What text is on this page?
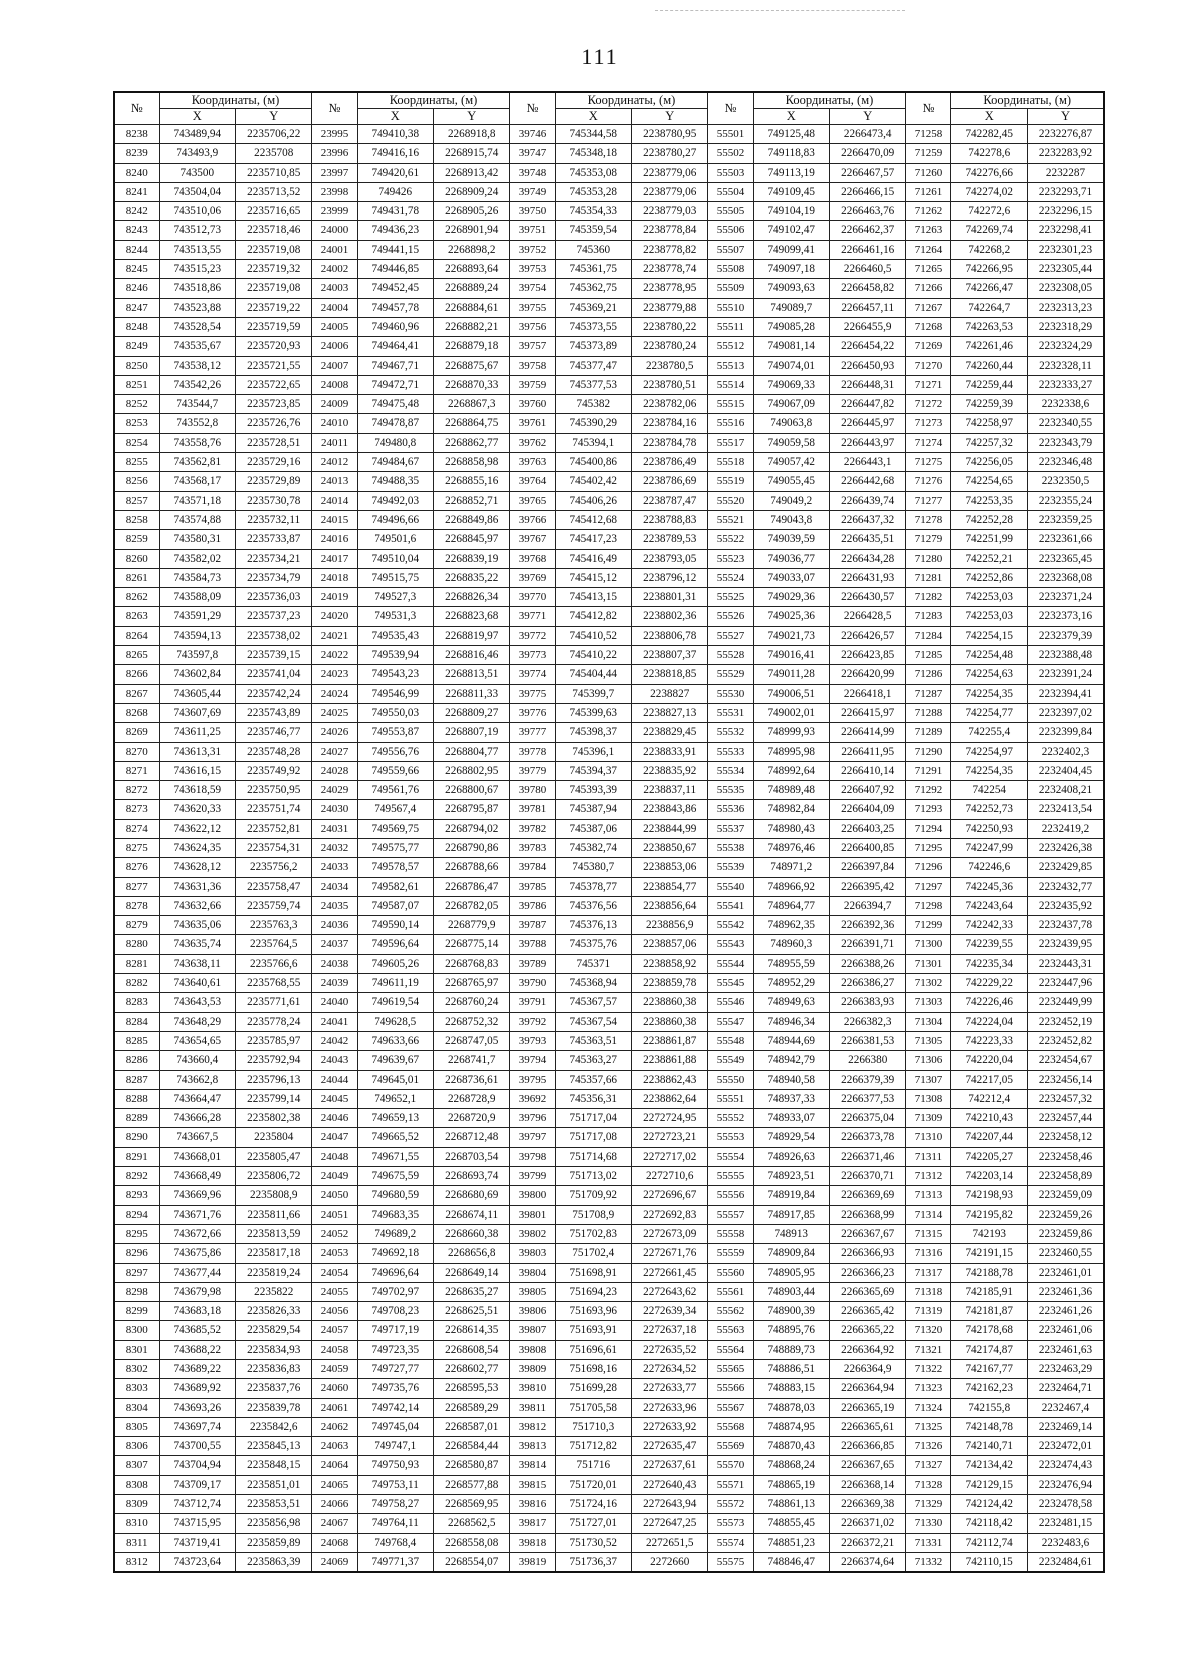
111
№	Координаты, (м)		№	Координаты, (м)		№	Координаты, (м)		№	Координаты, (м)		№	Координаты, (м)	
	X	Y		X	Y		X	Y		X	Y		X	Y
8238	743489,94	2235706,22	23995	749410,38	2268918,8	39746	745344,58	2238780,95	55501	749125,48	2266473,4	71258	742282,45	2232276,87
8239	743493,9	2235708	23996	749416,16	2268915,74	39747	745348,18	2238780,27	55502	749118,83	2266470,09	71259	742278,6	2232283,92
8240	743500	2235710,85	23997	749420,61	2268913,42	39748	745353,08	2238779,06	55503	749113,19	2266467,57	71260	742276,66	2232287
8241	743504,04	2235713,52	23998	749426	2268909,24	39749	745353,28	2238779,06	55504	749109,45	2266466,15	71261	742274,02	2232293,71
8242	743510,06	2235716,65	23999	749431,78	2268905,26	39750	745354,33	2238779,03	55505	749104,19	2266463,76	71262	742272,6	2232296,15
8243	743512,73	2235718,46	24000	749436,23	2268901,94	39751	745359,54	2238778,84	55506	749102,47	2266462,37	71263	742269,74	2232298,41
8244	743513,55	2235719,08	24001	749441,15	2268898,2	39752	745360	2238778,82	55507	749099,41	2266461,16	71264	742268,2	2232301,23
8245	743515,23	2235719,32	24002	749446,85	2268893,64	39753	745361,75	2238778,74	55508	749097,18	2266460,5	71265	742266,95	2232305,44
8246	743518,86	2235719,08	24003	749452,45	2268889,24	39754	745362,75	2238778,95	55509	749093,63	2266458,82	71266	742266,47	2232308,05
8247	743523,88	2235719,22	24004	749457,78	2268884,61	39755	745369,21	2238779,88	55510	749089,7	2266457,11	71267	742264,7	2232313,23
8248	743528,54	2235719,59	24005	749460,96	2268882,21	39756	745373,55	2238780,22	55511	749085,28	2266455,9	71268	742263,53	2232318,29
8249	743535,67	2235720,93	24006	749464,41	2268879,18	39757	745373,89	2238780,24	55512	749081,14	2266454,22	71269	742261,46	2232324,29
8250	743538,12	2235721,55	24007	749467,71	2268875,67	39758	745377,47	2238780,5	55513	749074,01	2266450,93	71270	742260,44	2232328,11
8251	743542,26	2235722,65	24008	749472,71	2268870,33	39759	745377,53	2238780,51	55514	749069,33	2266448,31	71271	742259,44	2232333,27
8252	743544,7	2235723,85	24009	749475,48	2268867,3	39760	745382	2238782,06	55515	749067,09	2266447,82	71272	742259,39	2232338,6
8253	743552,8	2235726,76	24010	749478,87	2268864,75	39761	745390,29	2238784,16	55516	749063,8	2266445,97	71273	742258,97	2232340,55
8254	743558,76	2235728,51	24011	749480,8	2268862,77	39762	745394,1	2238784,78	55517	749059,58	2266443,97	71274	742257,32	2232343,79
8255	743562,81	2235729,16	24012	749484,67	2268858,98	39763	745400,86	2238786,49	55518	749057,42	2266443,1	71275	742256,05	2232346,48
8256	743568,17	2235729,89	24013	749488,35	2268855,16	39764	745402,42	2238786,69	55519	749055,45	2266442,68	71276	742254,65	2232350,5
8257	743571,18	2235730,78	24014	749492,03	2268852,71	39765	745406,26	2238787,47	55520	749049,2	2266439,74	71277	742253,35	2232355,24
8258	743574,88	2235732,11	24015	749496,66	2268849,86	39766	745412,68	2238788,83	55521	749043,8	2266437,32	71278	742252,28	2232359,25
8259	743580,31	2235733,87	24016	749501,6	2268845,97	39767	745417,23	2238789,53	55522	749039,59	2266435,51	71279	742251,99	2232361,66
8260	743582,02	2235734,21	24017	749510,04	2268839,19	39768	745416,49	2238793,05	55523	749036,77	2266434,28	71280	742252,21	2232365,45
8261	743584,73	2235734,79	24018	749515,75	2268835,22	39769	745415,12	2238796,12	55524	749033,07	2266431,93	71281	742252,86	2232368,08
8262	743588,09	2235736,03	24019	749527,3	2268826,34	39770	745413,15	2238801,31	55525	749029,36	2266430,57	71282	742253,03	2232371,24
8263	743591,29	2235737,23	24020	749531,3	2268823,68	39771	745412,82	2238802,36	55526	749025,36	2266428,5	71283	742253,03	2232373,16
8264	743594,13	2235738,02	24021	749535,43	2268819,97	39772	745410,52	2238806,78	55527	749021,73	2266426,57	71284	742254,15	2232379,39
8265	743597,8	2235739,15	24022	749539,94	2268816,46	39773	745410,22	2238807,37	55528	749016,41	2266423,85	71285	742254,48	2232388,48
8266	743602,84	2235741,04	24023	749543,23	2268813,51	39774	745404,44	2238818,85	55529	749011,28	2266420,99	71286	742254,63	2232391,24
8267	743605,44	2235742,24	24024	749546,99	2268811,33	39775	745399,7	2238827	55530	749006,51	2266418,1	71287	742254,35	2232394,41
8268	743607,69	2235743,89	24025	749550,03	2268809,27	39776	745399,63	2238827,13	55531	749002,01	2266415,97	71288	742254,77	2232397,02
8269	743611,25	2235746,77	24026	749553,87	2268807,19	39777	745398,37	2238829,45	55532	748999,93	2266414,99	71289	742255,4	2232399,84
8270	743613,31	2235748,28	24027	749556,76	2268804,77	39778	745396,1	2238833,91	55533	748995,98	2266411,95	71290	742254,97	2232402,3
8271	743616,15	2235749,92	24028	749559,66	2268802,95	39779	745394,37	2238835,92	55534	748992,64	2266410,14	71291	742254,35	2232404,45
8272	743618,59	2235750,95	24029	749561,76	2268800,67	39780	745393,39	2238837,11	55535	748989,48	2266407,92	71292	742254	2232408,21
8273	743620,33	2235751,74	24030	749567,4	2268795,87	39781	745387,94	2238843,86	55536	748982,84	2266404,09	71293	742252,73	2232413,54
8274	743622,12	2235752,81	24031	749569,75	2268794,02	39782	745387,06	2238844,99	55537	748980,43	2266403,25	71294	742250,93	2232419,2
8275	743624,35	2235754,31	24032	749575,77	2268790,86	39783	745382,74	2238850,67	55538	748976,46	2266400,85	71295	742247,99	2232426,38
8276	743628,12	2235756,2	24033	749578,57	2268788,66	39784	745380,7	2238853,06	55539	748971,2	2266397,84	71296	742246,6	2232429,85
8277	743631,36	2235758,47	24034	749582,61	2268786,47	39785	745378,77	2238854,77	55540	748966,92	2266395,42	71297	742245,36	2232432,77
8278	743632,66	2235759,74	24035	749587,07	2268782,05	39786	745376,56	2238856,64	55541	748964,77	2266394,7	71298	742243,64	2232435,92
8279	743635,06	2235763,3	24036	749590,14	2268779,9	39787	745376,13	2238856,9	55542	748962,35	2266392,36	71299	742242,33	2232437,78
8280	743635,74	2235764,5	24037	749596,64	2268775,14	39788	745375,76	2238857,06	55543	748960,3	2266391,71	71300	742239,55	2232439,95
8281	743638,11	2235766,6	24038	749605,26	2268768,83	39789	745371	2238858,92	55544	748955,59	2266388,26	71301	742235,34	2232443,31
8282	743640,61	2235768,55	24039	749611,19	2268765,97	39790	745368,94	2238859,78	55545	748952,29	2266386,27	71302	742229,22	2232447,96
8283	743643,53	2235771,61	24040	749619,54	2268760,24	39791	745367,57	2238860,38	55546	748949,63	2266383,93	71303	742226,46	2232449,99
8284	743648,29	2235778,24	24041	749628,5	2268752,32	39792	745367,54	2238860,38	55547	748946,34	2266382,3	71304	742224,04	2232452,19
8285	743654,65	2235785,97	24042	749633,66	2268747,05	39793	745363,51	2238861,87	55548	748944,69	2266381,53	71305	742223,33	2232452,82
8286	743660,4	2235792,94	24043	749639,67	2268741,7	39794	745363,27	2238861,88	55549	748942,79	2266380	71306	742220,04	2232454,67
8287	743662,8	2235796,13	24044	749645,01	2268736,61	39795	745357,66	2238862,43	55550	748940,58	2266379,39	71307	742217,05	2232456,14
8288	743664,47	2235799,14	24045	749652,1	2268728,9	39692	745356,31	2238862,64	55551	748937,33	2266377,53	71308	742212,4	2232457,32
8289	743666,28	2235802,38	24046	749659,13	2268720,9	39796	751717,04	2272724,95	55552	748933,07	2266375,04	71309	742210,43	2232457,44
8290	743667,5	2235804	24047	749665,52	2268712,48	39797	751717,08	2272723,21	55553	748929,54	2266373,78	71310	742207,44	2232458,12
8291	743668,01	2235805,47	24048	749671,55	2268703,54	39798	751714,68	2272717,02	55554	748926,63	2266371,46	71311	742205,27	2232458,46
8292	743668,49	2235806,72	24049	749675,59	2268693,74	39799	751713,02	2272710,6	55555	748923,51	2266370,71	71312	742203,14	2232458,89
8293	743669,96	2235808,9	24050	749680,59	2268680,69	39800	751709,92	2272696,67	55556	748919,84	2266369,69	71313	742198,93	2232459,09
8294	743671,76	2235811,66	24051	749683,35	2268674,11	39801	751708,9	2272692,83	55557	748917,85	2266368,99	71314	742195,82	2232459,26
8295	743672,66	2235813,59	24052	749689,2	2268660,38	39802	751702,83	2272673,09	55558	748913	2266367,67	71315	742193	2232459,86
8296	743675,86	2235817,18	24053	749692,18	2268656,8	39803	751702,4	2272671,76	55559	748909,84	2266366,93	71316	742191,15	2232460,55
8297	743677,44	2235819,24	24054	749696,64	2268649,14	39804	751698,91	2272661,45	55560	748905,95	2266366,23	71317	742188,78	2232461,01
8298	743679,98	2235822	24055	749702,97	2268635,27	39805	751694,23	2272643,62	55561	748903,44	2266365,69	71318	742185,91	2232461,36
8299	743683,18	2235826,33	24056	749708,23	2268625,51	39806	751693,96	2272639,34	55562	748900,39	2266365,42	71319	742181,87	2232461,26
8300	743685,52	2235829,54	24057	749717,19	2268614,35	39807	751693,91	2272637,18	55563	748895,76	2266365,22	71320	742178,68	2232461,06
8301	743688,22	2235834,93	24058	749723,35	2268608,54	39808	751696,61	2272635,52	55564	748889,73	2266364,92	71321	742174,87	2232461,63
8302	743689,22	2235836,83	24059	749727,77	2268602,77	39809	751698,16	2272634,52	55565	748886,51	2266364,9	71322	742167,77	2232463,29
8303	743689,92	2235837,76	24060	749735,76	2268595,53	39810	751699,28	2272633,77	55566	748883,15	2266364,94	71323	742162,23	2232464,71
8304	743693,26	2235839,78	24061	749742,14	2268589,29	39811	751705,58	2272633,96	55567	748878,03	2266365,19	71324	742155,8	2232467,4
8305	743697,74	2235842,6	24062	749745,04	2268587,01	39812	751710,3	2272633,92	55568	748874,95	2266365,61	71325	742148,78	2232469,14
8306	743700,55	2235845,13	24063	749747,1	2268584,44	39813	751712,82	2272635,47	55569	748870,43	2266366,85	71326	742140,71	2232472,01
8307	743704,94	2235848,15	24064	749750,93	2268580,87	39814	751716	2272637,61	55570	748868,24	2266367,65	71327	742134,42	2232474,43
8308	743709,17	2235851,01	24065	749753,11	2268577,88	39815	751720,01	2272640,43	55571	748865,19	2266368,14	71328	742129,15	2232476,94
8309	743712,74	2235853,51	24066	749758,27	2268569,95	39816	751724,16	2272643,94	55572	748861,13	2266369,38	71329	742124,42	2232478,58
8310	743715,95	2235856,98	24067	749764,11	2268562,5	39817	751727,01	2272647,25	55573	748855,45	2266371,02	71330	742118,42	2232481,15
8311	743719,41	2235859,89	24068	749768,4	2268558,08	39818	751730,52	2272651,5	55574	748851,23	2266372,21	71331	742112,74	2232483,6
8312	743723,64	2235863,39	24069	749771,37	2268554,07	39819	751736,37	2272660	55575	748846,47	2266374,64	71332	742110,15	2232484,61
